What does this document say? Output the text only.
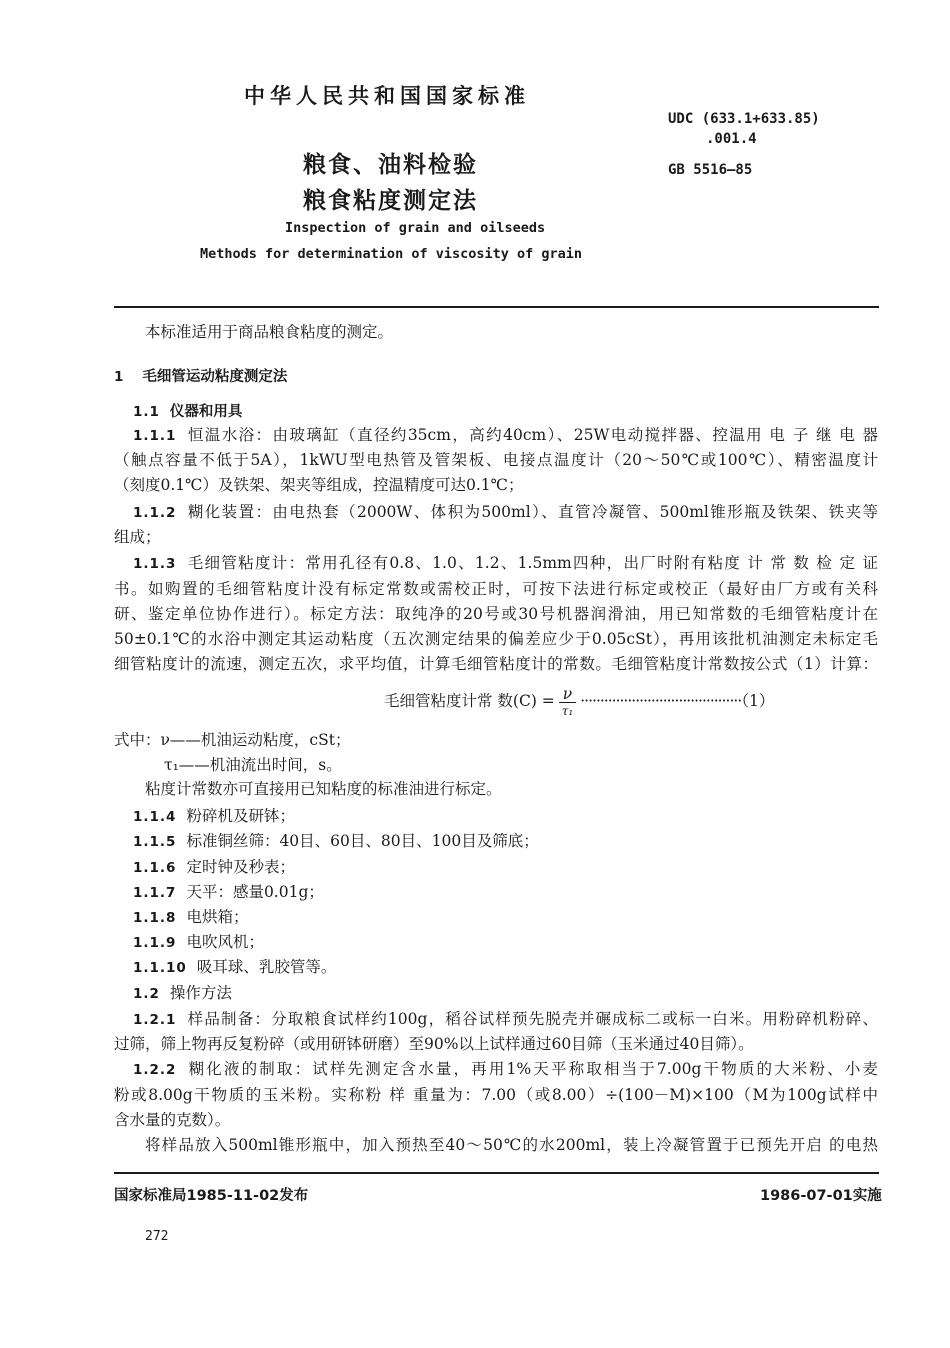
中华人民共和国国家标准
UDC (633.1+633.85)
.001.4
GB 5516—85
粮食、油料检验
粮食粘度测定法
Inspection of grain and oilseeds
Methods for determination of viscosity of grain
本标准适用于商品粮食粘度的测定。
1 毛细管运动粘度测定法
1.1 仪器和用具
1.1.1 恒温水浴：由玻璃缸（直径约35cm，高约40cm）、25W电动搅拌器、控温用 电 子 继 电 器
（触点容量不低于5A），1kWU型电热管及管架板、电接点温度计（20～50℃或100℃）、精密温度计
（刻度0.1℃）及铁架、架夹等组成，控温精度可达0.1℃；
1.1.2 糊化装置：由电热套（2000W、体积为500ml）、直管冷凝管、500ml锥形瓶及铁架、铁夹等
组成；
1.1.3 毛细管粘度计：常用孔径有0.8、1.0、1.2、1.5mm四种，出厂时附有粘度 计 常 数 检 定 证
书。如购置的毛细管粘度计没有标定常数或需校正时，可按下法进行标定或校正（最好由厂方或有关科
研、鉴定单位协作进行）。标定方法：取纯净的20号或30号机器润滑油，用已知常数的毛细管粘度计在
50±0.1℃的水浴中测定其运动粘度（五次测定结果的偏差应少于0.05cSt），再用该批机油测定未标定毛
细管粘度计的流速，测定五次，求平均值，计算毛细管粘度计的常数。毛细管粘度计常数按公式（1）计算：
毛细管粘度计常 数$(C) = \frac{\nu}{\text{τ₁}} \cdot\cdot\cdot\cdot\cdot\cdot\cdot\cdot\cdot\cdot\cdot\cdot\cdot\cdot\cdot\cdot\cdot\cdot\cdot\cdot\cdot\cdot\cdot\cdot\cdot\cdot\cdot\cdot\cdot\cdot\cdot\cdot\cdot\cdot\cdot\cdot\cdot\cdot\cdot\cdot\cdot(1)$
式中：ν——机油运动粘度，cSt；
τ₁——机油流出时间，s。
粘度计常数亦可直接用已知粘度的标准油进行标定。
1.1.4 粉碎机及研钵；
1.1.5 标准铜丝筛：40目、60目、80目、100目及筛底；
1.1.6 定时钟及秒表；
1.1.7 天平：感量0.01g；
1.1.8 电烘箱；
1.1.9 电吹风机；
1.1.10 吸耳球、乳胶管等。
1.2 操作方法
1.2.1 样品制备：分取粮食试样约100g，稻谷试样预先脱壳并碾成标二或标一白米。用粉碎机粉碎、
过筛，筛上物再反复粉碎（或用研钵研磨）至90%以上试样通过60目筛（玉米通过40目筛）。
1.2.2 糊化液的制取：试样先测定含水量，再用1%天平称取相当于7.00g干物质的大米粉、小麦
粉或8.00g干物质的玉米粉。实称粉 样 重量为：7.00（或8.00）÷(100－M)×100（M为100g试样中
含水量的克数）。
将样品放入500ml锥形瓶中，加入预热至40～50℃的水200ml，装上冷凝管置于已预先开启 的电热
国家标准局1985-11-02发布	1986-07-01实施
272
